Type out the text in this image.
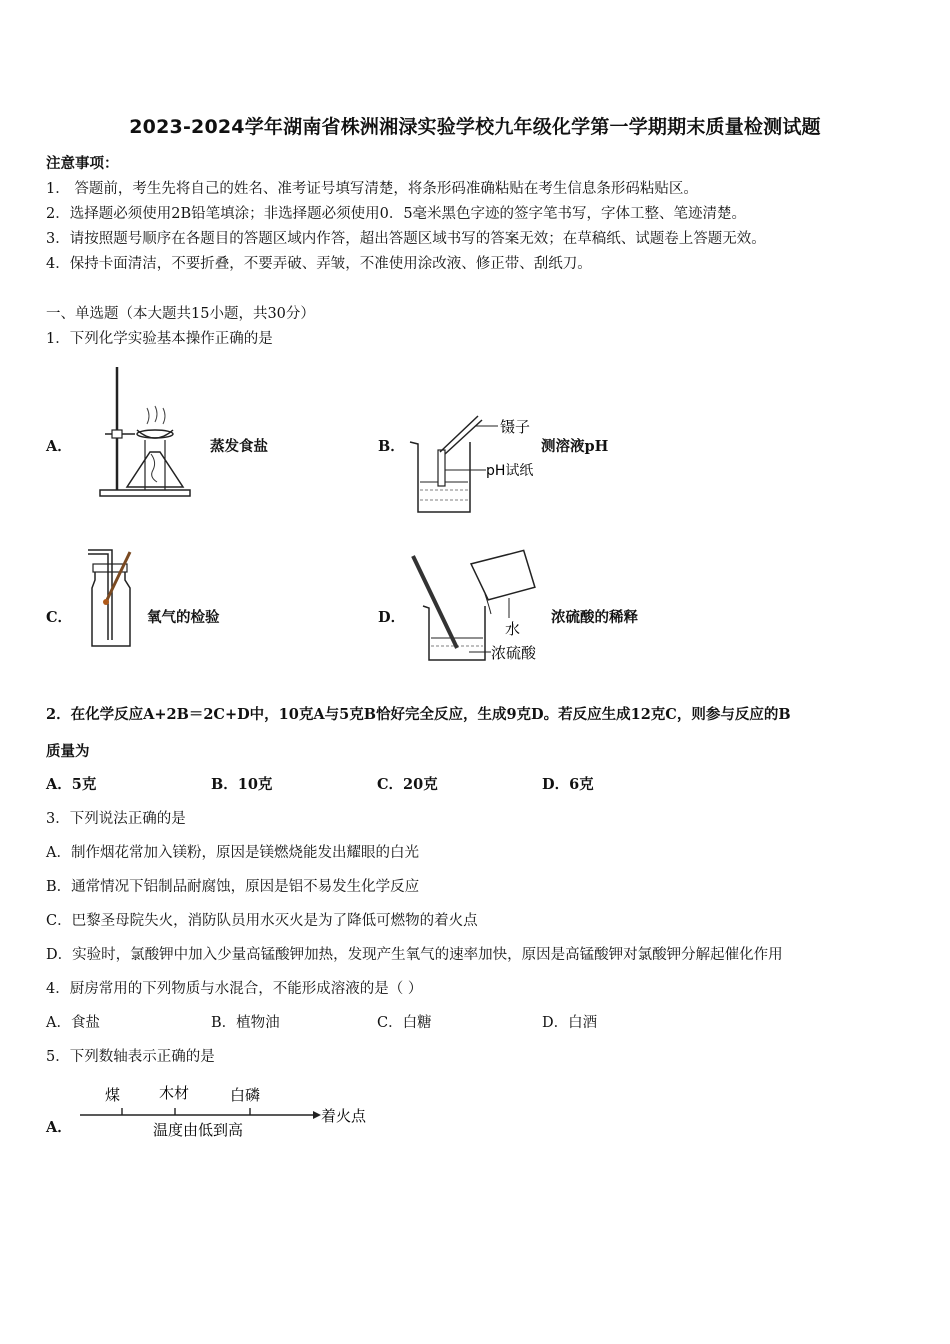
2023-2024学年湖南省株洲湘渌实验学校九年级化学第一学期期末质量检测试题
注意事项：
1． 答题前，考生先将自己的姓名、准考证号填写清楚，将条形码准确粘贴在考生信息条形码粘贴区。
2．选择题必须使用2B铅笔填涂；非选择题必须使用0．5毫米黑色字迹的签字笔书写，字体工整、笔迹清楚。
3．请按照题号顺序在各题目的答题区域内作答，超出答题区域书写的答案无效；在草稿纸、试题卷上答题无效。
4．保持卡面清洁，不要折叠，不要弄破、弄皱，不准使用涂改液、修正带、刮纸刀。
一、单选题（本大题共15小题，共30分）
1．下列化学实验基本操作正确的是
A．	蒸发食盐	B．
镊子
pH试纸
测溶液pH
C．	氧气的检验	D．
水
浓硫酸
浓硫酸的稀释
2．在化学反应A+2B＝2C+D中，10克A与5克B恰好完全反应，生成9克D。若反应生成12克C，则参与反应的B
质量为
A．5克	B．10克	C．20克	D．6克
3．下列说法正确的是
A．制作烟花常加入镁粉，原因是镁燃烧能发出耀眼的白光
B．通常情况下铝制品耐腐蚀，原因是铝不易发生化学反应
C．巴黎圣母院失火，消防队员用水灭火是为了降低可燃物的着火点
D．实验时，氯酸钾中加入少量高锰酸钾加热，发现产生氧气的速率加快，原因是高锰酸钾对氯酸钾分解起催化作用
4．厨房常用的下列物质与水混合，不能形成溶液的是（ ）
A．食盐	B．植物油	C．白糖	D．白酒
5．下列数轴表示正确的是
A．
煤	木材	白磷
着火点
温度由低到高
